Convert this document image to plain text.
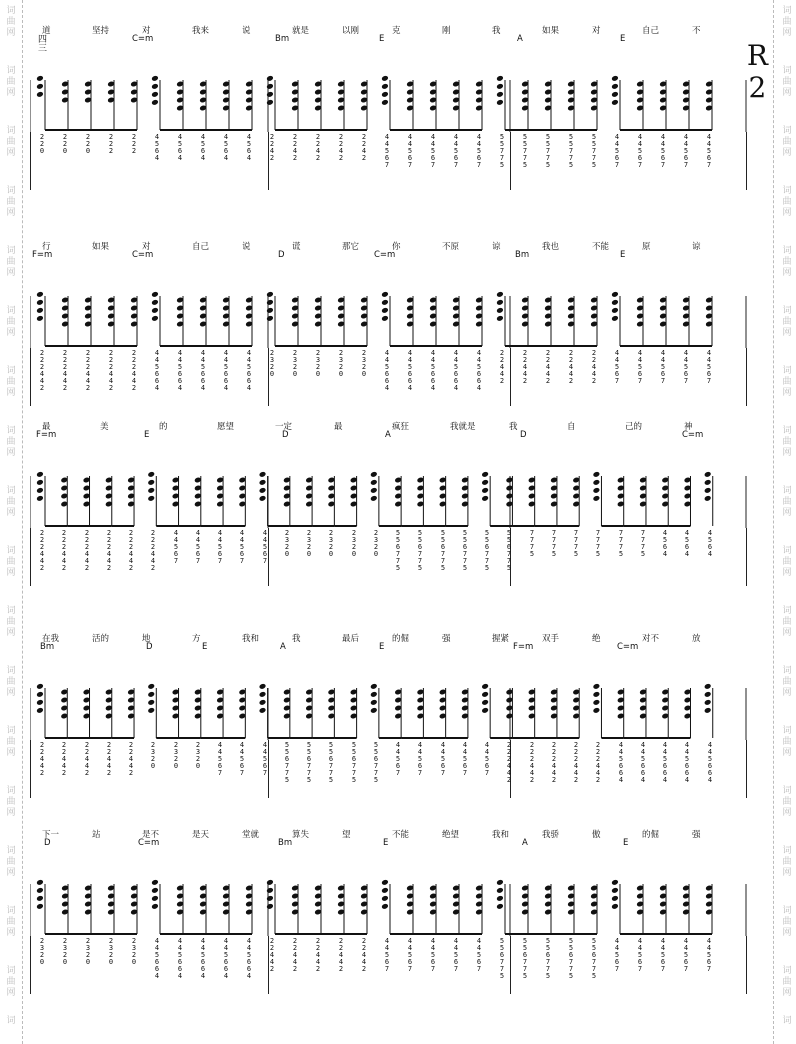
词
曲
网
词
曲
网
词
曲
网
词
曲
网
词
曲
网
词
曲
网
词
曲
网
词
曲
网
词
曲
网
词
曲
网
词
曲
网
词
曲
网
词
曲
网
词
曲
网
词
曲
网
词
曲
网
词
曲
网
词
词
曲
网
词
曲
网
词
曲
网
词
曲
网
词
曲
网
词
曲
网
词
曲
网
词
曲
网
词
曲
网
词
曲
网
词
曲
网
词
曲
网
词
曲
网
词
曲
网
词
曲
网
词
曲
网
词
曲
网
词
R
2
四三
道	坚持	对	我来	说	就是	以刚	克	刚	我	如果	对	自己	不
C=m	Bm	E	A	E
2
2
0
2
2
0
2
2
0
2
2
2
2
2
2
4
5
6
4
4
5
6
4
4
5
6
4
4
5
6
4
4
5
6
4
2
2
4
2
2
2
4
2
2
2
4
2
2
2
4
2
2
2
4
2
4
4
5
6
7
4
4
5
6
7
4
4
5
6
7
4
4
5
6
7
4
4
5
6
7
5
5
7
7
5
5
5
7
7
5
5
5
7
7
5
5
5
7
7
5
5
5
7
7
5
4
4
5
6
7
4
4
5
6
7
4
4
5
6
7
4
4
5
6
7
4
4
5
6
7
行	如果	对	自己	说	谎	那它	你	不原	谅	我也	不能	原	谅
F=m	C=m	D	C=m	Bm	E
2
2
2
4
4
2
2
2
2
4
4
2
2
2
2
4
4
2
2
2
2
4
4
2
2
2
2
4
4
2
4
4
5
6
6
4
4
4
5
6
6
4
4
4
5
6
6
4
4
4
5
6
6
4
4
4
5
6
6
4
2
3
2
0
2
3
2
0
2
3
2
0
2
3
2
0
2
3
2
0
4
4
5
6
6
4
4
4
5
6
6
4
4
4
5
6
6
4
4
4
5
6
6
4
4
4
5
6
6
4
2
2
4
4
2
2
2
4
4
2
2
2
4
4
2
2
2
4
4
2
2
2
4
4
2
4
4
5
6
7
4
4
5
6
7
4
4
5
6
7
4
4
5
6
7
4
4
5
6
7
最	美	的	愿望	一定	最	疯狂	我就是	我	自	己的	神
F=m	E	D	A	D	C=m
2
2
2
4
4
2
2
2
2
4
4
2
2
2
2
4
4
2
2
2
2
4
4
2
2
2
2
4
4
2
2
2
2
4
4
2
4
4
5
6
7
4
4
5
6
7
4
4
5
6
7
4
4
5
6
7
4
4
5
6
7
2
3
2
0
2
3
2
0
2
3
2
0
2
3
2
0
2
3
2
0
5
5
6
7
7
5
5
5
6
7
7
5
5
5
6
7
7
5
5
5
6
7
7
5
5
5
6
7
7
5
5
5
6
7
7
5
7
7
7
5
7
7
7
5
7
7
7
5
7
7
7
5
7
7
7
5
7
7
7
5
4
5
6
4
4
5
6
4
4
5
6
4
在我	活的	地	方	我和	我	最后	的倔	强	握紧	双手	绝	对不	放
Bm	D	E	A	E	F=m	C=m
2
2
4
4
2
2
2
4
4
2
2
2
4
4
2
2
2
4
4
2
2
2
4
4
2
2
3
2
0
2
3
2
0
2
3
2
0
4
4
5
6
7
4
4
5
6
7
4
4
5
6
7
5
5
6
7
7
5
5
5
6
7
7
5
5
5
6
7
7
5
5
5
6
7
7
5
5
5
6
7
7
5
4
4
5
6
7
4
4
5
6
7
4
4
5
6
7
4
4
5
6
7
4
4
5
6
7
2
2
2
4
4
2
2
2
2
4
4
2
2
2
2
4
4
2
2
2
2
4
4
2
2
2
2
4
4
2
4
4
5
6
6
4
4
4
5
6
6
4
4
4
5
6
6
4
4
4
5
6
6
4
4
4
5
6
6
4
下一	站	是不	是天	堂就	算失	望	不能	绝望	我和	我骄	傲	的倔	强
D	C=m	Bm	E	A	E
2
3
2
0
2
3
2
0
2
3
2
0
2
3
2
0
2
3
2
0
4
4
5
6
6
4
4
4
5
6
6
4
4
4
5
6
6
4
4
4
5
6
6
4
4
4
5
6
6
4
2
2
4
4
2
2
2
4
4
2
2
2
4
4
2
2
2
4
4
2
2
2
4
4
2
4
4
5
6
7
4
4
5
6
7
4
4
5
6
7
4
4
5
6
7
4
4
5
6
7
5
5
6
7
7
5
5
5
6
7
7
5
5
5
6
7
7
5
5
5
6
7
7
5
5
5
6
7
7
5
4
4
5
6
7
4
4
5
6
7
4
4
5
6
7
4
4
5
6
7
4
4
5
6
7
